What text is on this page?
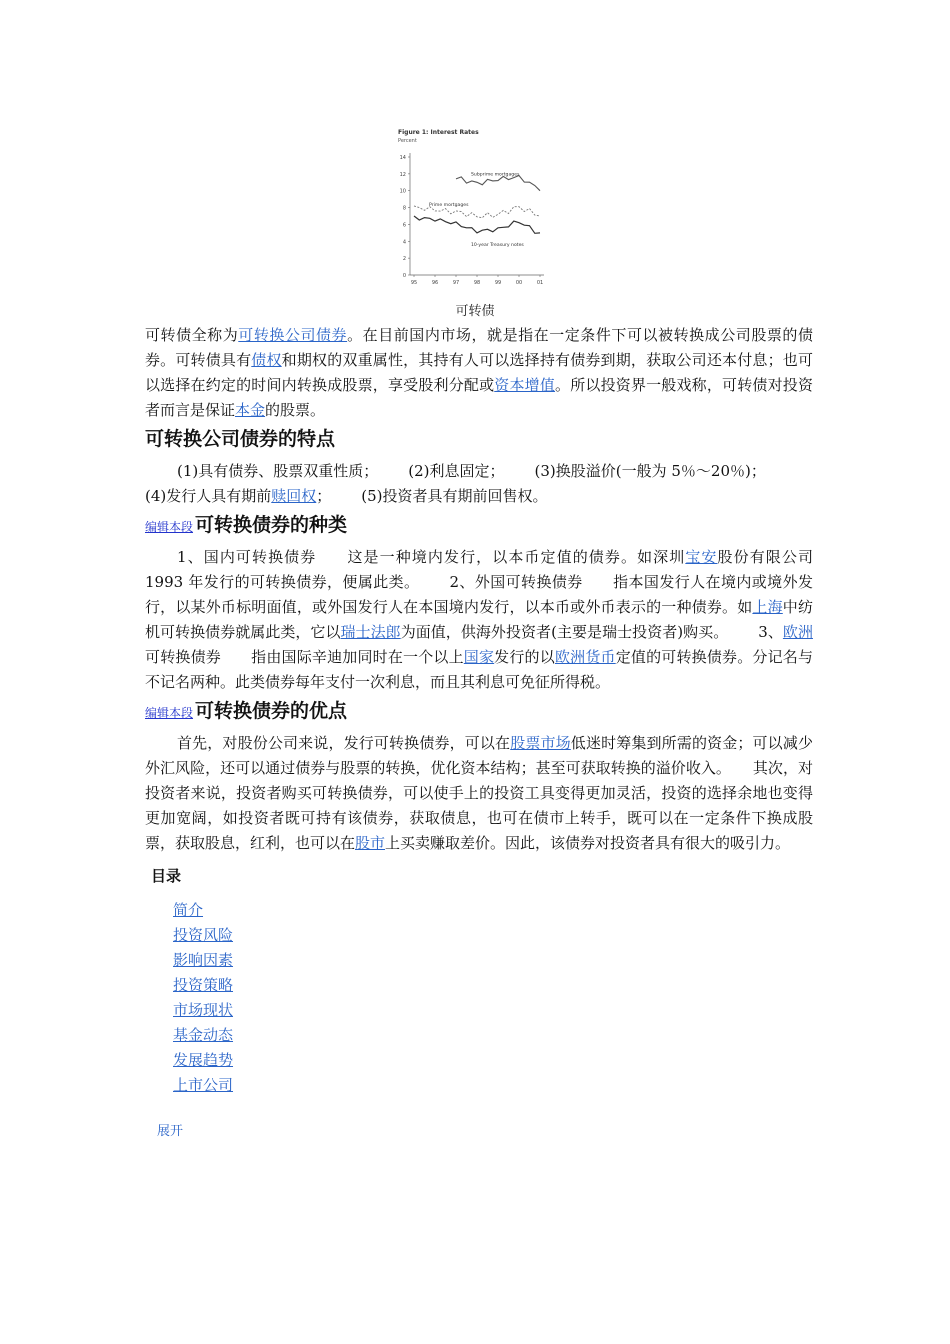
Figure 1: Interest Rates
Percent
14
12
10
8
6
4
2
0
95	96	97	98	99	00	01
Subprime mortgages
Prime mortgages
10-year Treasury notes
可转债

可转债全称为可转换公司债券。在目前国内市场，就是指在一定条件下可以被转换成公司股票的债券。可转债具有债权和期权的双重属性，其持有人可以选择持有债券到期，获取公司还本付息；也可以选择在约定的时间内转换成股票，享受股利分配或资本增值。所以投资界一般戏称，可转债对投资者而言是保证本金的股票。

可转换公司债券的特点

(1)具有债券、股票双重性质； (2)利息固定； (3)换股溢价(一般为 5％～20％)；
(4)发行人具有期前赎回权； (5)投资者具有期前回售权。

编辑本段 可转换债券的种类

1、国内可转换债券 这是一种境内发行，以本币定值的债券。如深圳宝安股份有限公司 1993 年发行的可转换债券，便属此类。 2、外国可转换债券 指本国发行人在境内或境外发行，以某外币标明面值，或外国发行人在本国境内发行，以本币或外币表示的一种债券。如上海中纺机可转换债券就属此类，它以瑞士法郎为面值，供海外投资者(主要是瑞士投资者)购买。 3、欧洲可转换债券 指由国际辛迪加同时在一个以上国家发行的以欧洲货币定值的可转换债券。分记名与不记名两种。此类债券每年支付一次利息，而且其利息可免征所得税。

编辑本段 可转换债券的优点

首先，对股份公司来说，发行可转换债券，可以在股票市场低迷时筹集到所需的资金；可以减少外汇风险，还可以通过债券与股票的转换，优化资本结构；甚至可获取转换的溢价收入。 其次，对投资者来说，投资者购买可转换债券，可以使手上的投资工具变得更加灵活，投资的选择余地也变得更加宽阔，如投资者既可持有该债券，获取债息，也可在债市上转手，既可以在一定条件下换成股票，获取股息，红利，也可以在股市上买卖赚取差价。因此，该债券对投资者具有很大的吸引力。

目录
简介
投资风险
影响因素
投资策略
市场现状
基金动态
发展趋势
上市公司
展开
